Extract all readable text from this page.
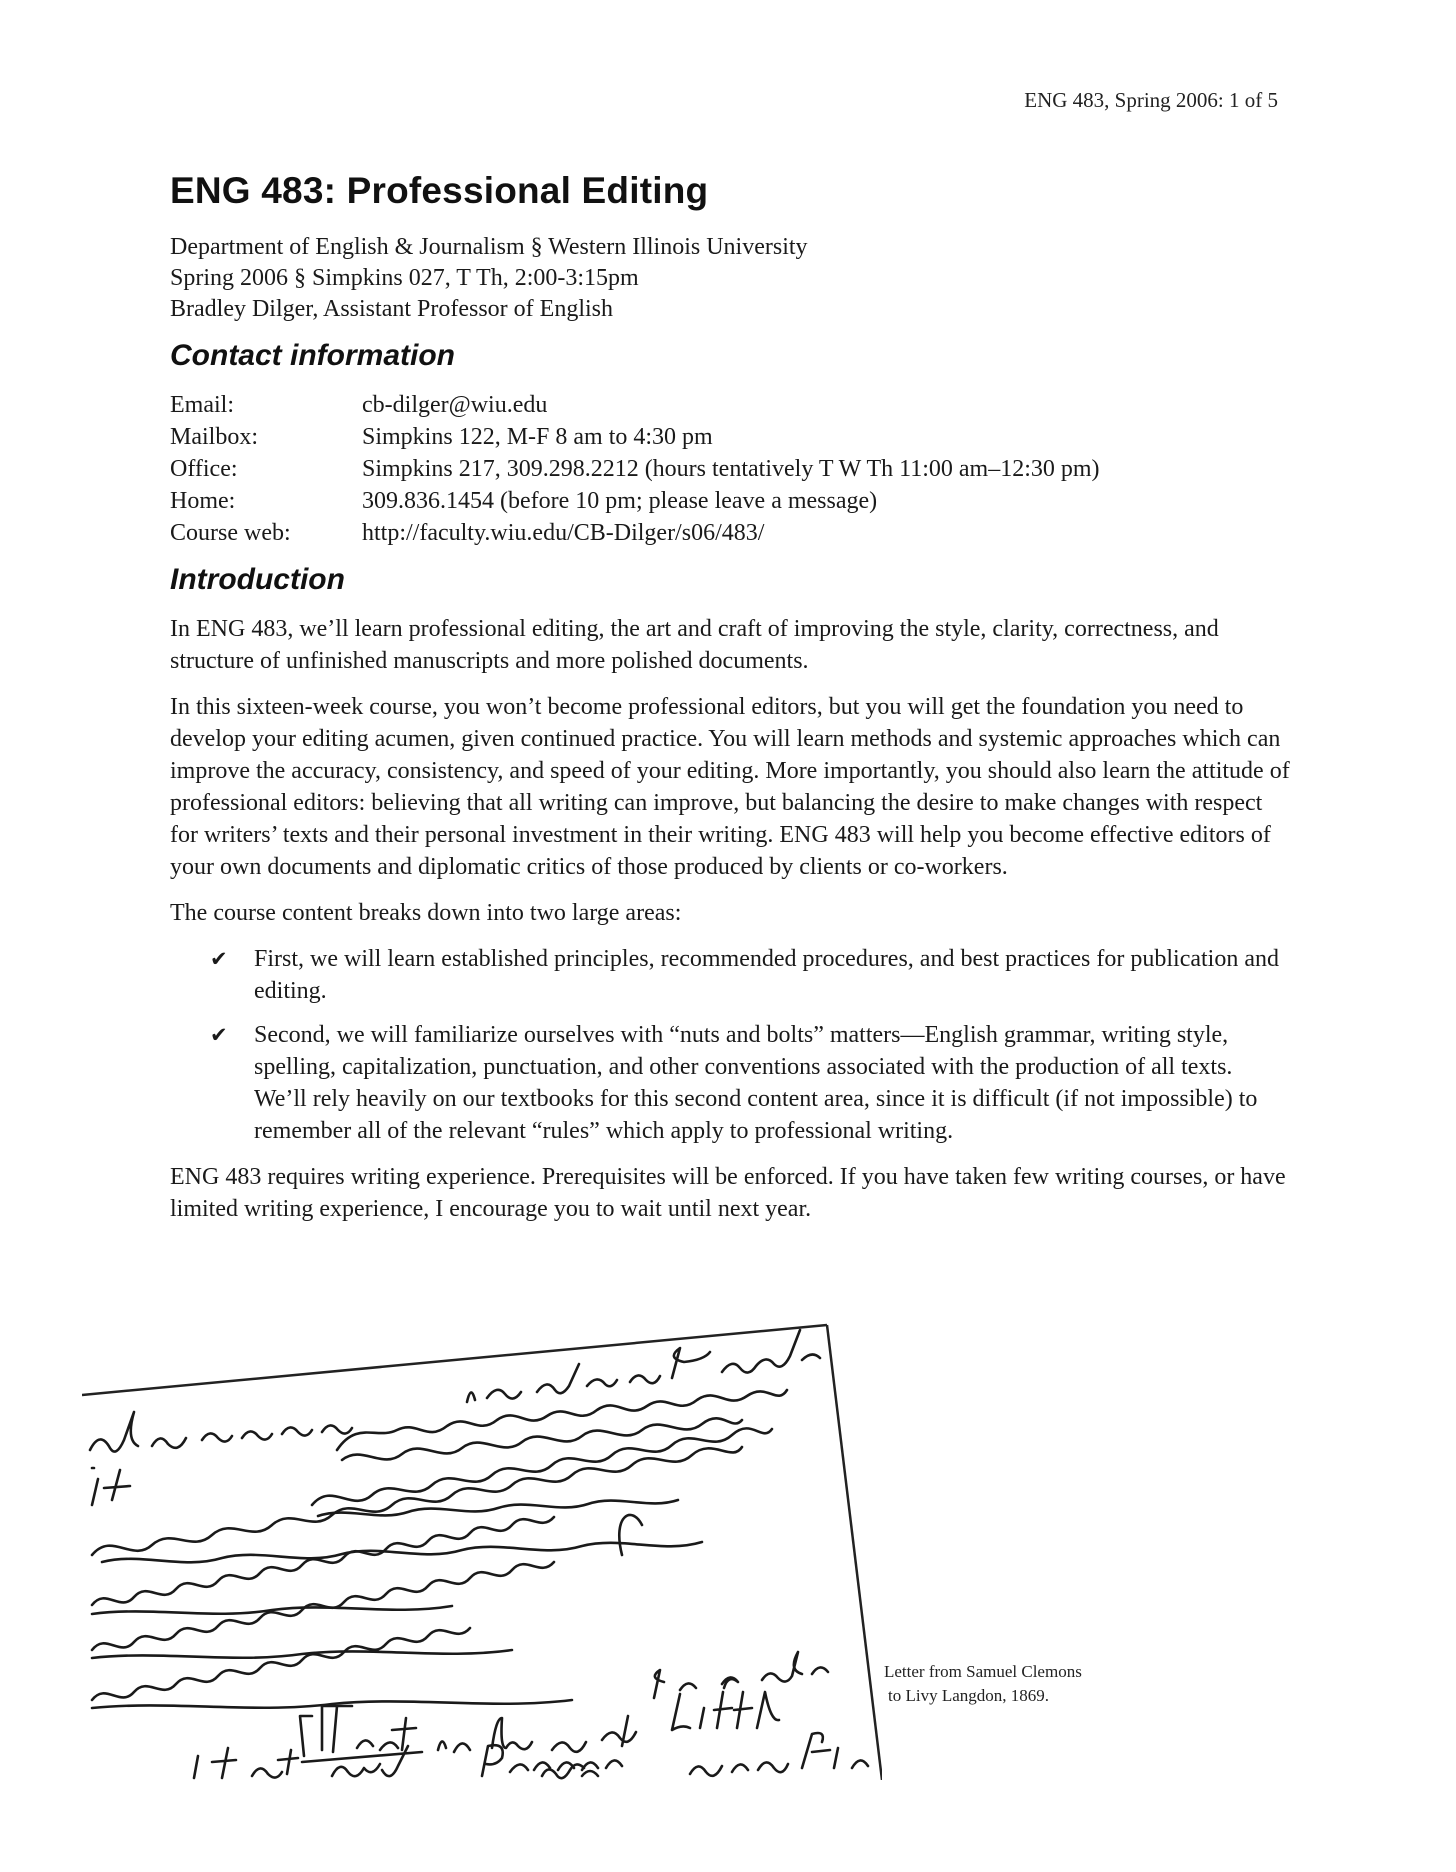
ENG 483, Spring 2006: 1 of 5
ENG 483: Professional Editing

Department of English & Journalism § Western Illinois University

Spring 2006 § Simpkins 027, T Th, 2:00-3:15pm

Bradley Dilger, Assistant Professor of English

Contact information
Email:	cb-dilger@wiu.edu
Mailbox:	Simpkins 122, M-F 8 am to 4:30 pm
Office:	Simpkins 217, 309.298.2212 (hours tentatively T W Th 11:00 am–12:30 pm)
Home:	309.836.1454 (before 10 pm; please leave a message)
Course web:	http://faculty.wiu.edu/CB-Dilger/s06/483/
Introduction

In ENG 483, we’ll learn professional editing, the art and craft of improving the style, clarity, correctness, and structure of unfinished manuscripts and more polished documents.

In this sixteen-week course, you won’t become professional editors, but you will get the foundation you need to develop your editing acumen, given continued practice. You will learn methods and systemic approaches which can improve the accuracy, consistency, and speed of your editing. More importantly, you should also learn the attitude of professional editors: believing that all writing can improve, but balancing the desire to make changes with respect for writers’ texts and their personal investment in their writing. ENG 483 will help you become effective editors of your own documents and diplomatic critics of those produced by clients or co-workers.

The course content breaks down into two large areas:

✔ First, we will learn established principles, recommended procedures, and best practices for publication and editing.
✔ Second, we will familiarize ourselves with “nuts and bolts” matters—English grammar, writing style, spelling, capitalization, punctuation, and other conventions associated with the production of all texts. We’ll rely heavily on our textbooks for this second content area, since it is difficult (if not impossible) to remember all of the relevant “rules” which apply to professional writing.

ENG 483 requires writing experience. Prerequisites will be enforced. If you have taken few writing courses, or have limited writing experience, I encourage you to wait until next year.

Letter from Samuel Clemons
to Livy Langdon, 1869.
